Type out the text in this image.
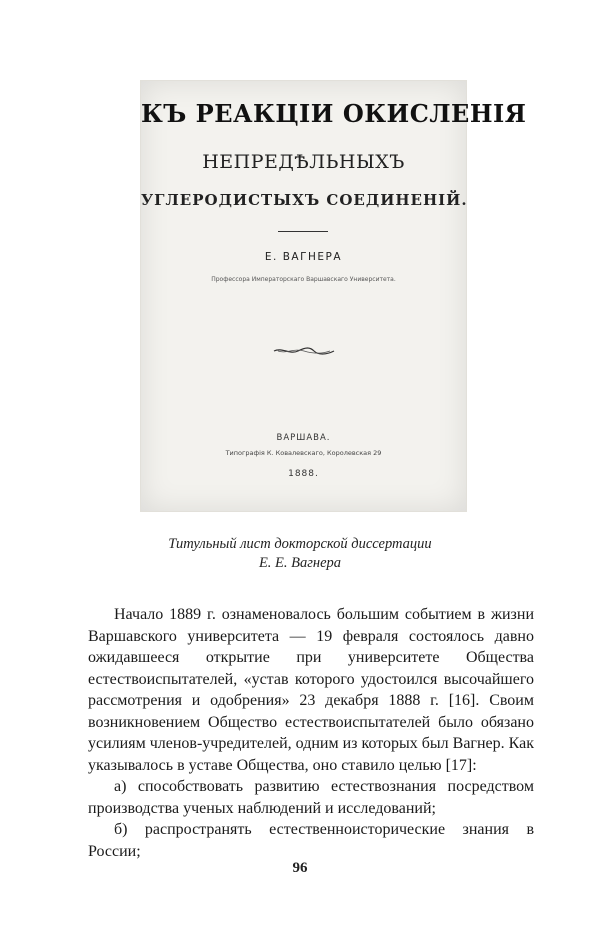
КЪ РЕАКЦІИ ОКИСЛЕНІЯ
НЕПРЕДѢЛЬНЫХЪ
УГЛЕРОДИСТЫХЪ СОЕДИНЕНІЙ.
Е. ВАГНЕРА
Профессора Императорскаго Варшавскаго Университета.
ВАРШАВА.
Типографія К. Ковалевскаго, Королевская 29
1888.
Титульный лист докторской диссертации
Е. Е. Вагнера

Начало 1889 г. ознаменовалось большим событием в жизни Варшавского университета — 19 февраля состоялось давно ожидавшееся открытие при университете Общества естествоиспытателей, «устав которого удостоился высочайшего рассмотрения и одобрения» 23 декабря 1888 г. [16]. Своим возникновением Общество естествоиспытателей было обязано усилиям членов-учредителей, одним из которых был Вагнер. Как указывалось в уставе Общества, оно ставило целью [17]:

а) способствовать развитию естествознания посредством производства ученых наблюдений и исследований;

б) распространять естественноисторические знания в России;

96
